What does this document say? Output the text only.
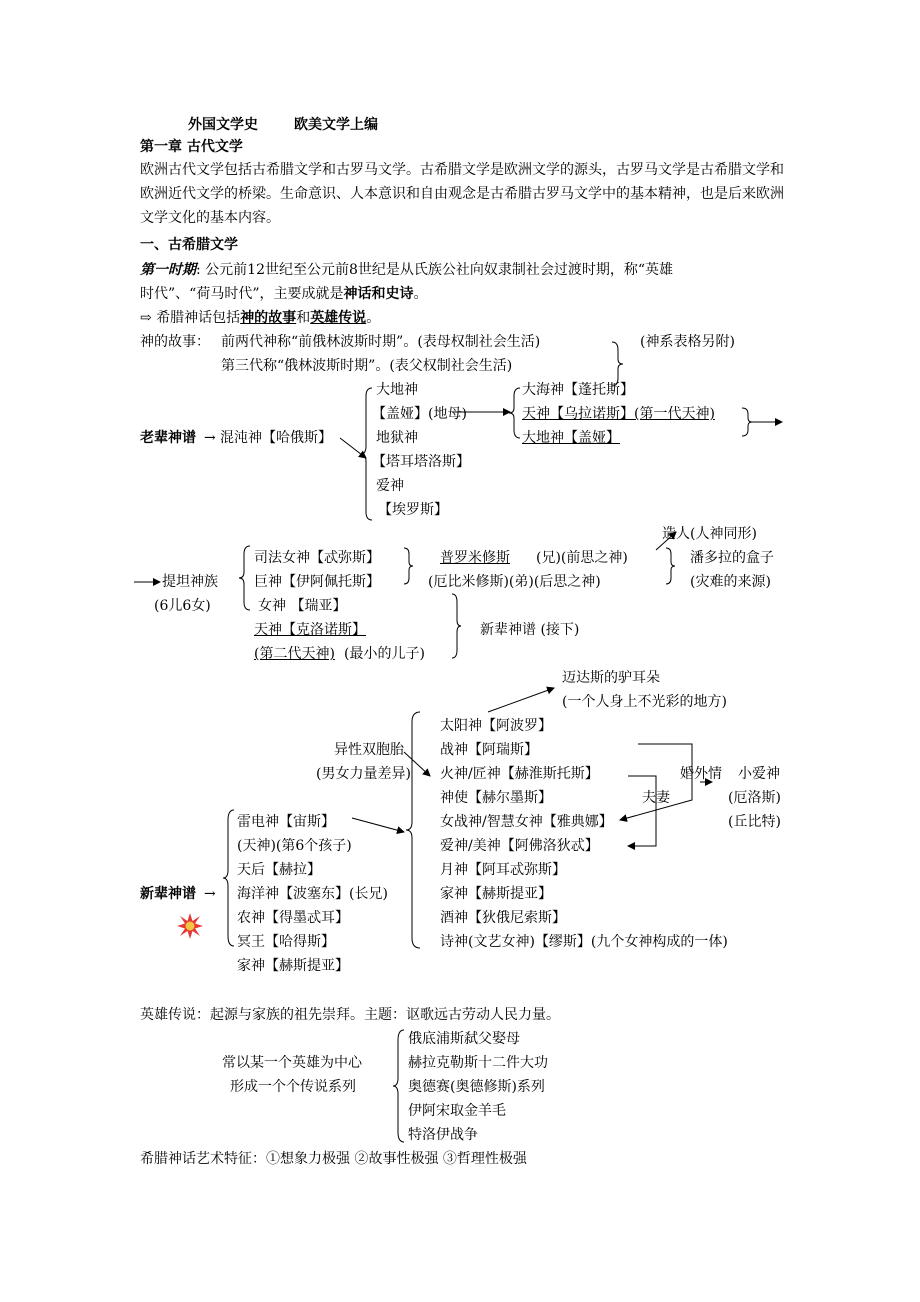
外国文学史	欧美文学上编
第一章 古代文学
欧洲古代文学包括古希腊文学和古罗马文学。古希腊文学是欧洲文学的源头，古罗马文学是古希腊文学和欧洲近代文学的桥梁。生命意识、人本意识和自由观念是古希腊古罗马文学中的基本精神，也是后来欧洲文学文化的基本内容。
一、古希腊文学
第一时期: 公元前12世纪至公元前8世纪是从氏族公社向奴隶制社会过渡时期，称“英雄
时代”、“荷马时代”，主要成就是神话和史诗。
⇨ 希腊神话包括神的故事和英雄传说。
神的故事： 前两代神称“前俄林波斯时期”。(表母权制社会生活)
第三代称“俄林波斯时期”。(表父权制社会生活)
(神系表格另附)
老辈神谱 → 混沌神【哈俄斯】
大地神
【盖娅】(地母)
地狱神
【塔耳塔洛斯】
爱神
【埃罗斯】
大海神【蓬托斯】
天神【乌拉诺斯】(第一代天神)
大地神【盖娅】
造人(人神同形)
提坦神族
(6儿6女)
司法女神【忒弥斯】
巨神【伊阿佩托斯】
女神 【瑞亚】
天神【克洛诺斯】
(第二代天神) (最小的儿子)
普罗米修斯 (兄)(前思之神)
(厄比米修斯)(弟)(后思之神)
潘多拉的盒子
(灾难的来源)
新辈神谱 (接下)
迈达斯的驴耳朵
(一个人身上不光彩的地方)
异性双胞胎
(男女力量差异)
太阳神【阿波罗】
战神【阿瑞斯】
火神/匠神【赫淮斯托斯】
神使【赫尔墨斯】
女战神/智慧女神【雅典娜】
爱神/美神【阿佛洛狄忒】
月神【阿耳忒弥斯】
家神【赫斯提亚】
酒神【狄俄尼索斯】
诗神(文艺女神)【缪斯】(九个女神构成的一体)
婚外情 小爱神
夫妻	(厄洛斯)
(丘比特)
雷电神【宙斯】
(天神)(第6个孩子)
天后【赫拉】
海洋神【波塞东】(长兄)
农神【得墨忒耳】
冥王【哈得斯】
家神【赫斯提亚】
新辈神谱 →
英雄传说：起源与家族的祖先崇拜。主题：讴歌远古劳动人民力量。
常以某一个英雄为中心
形成一个个传说系列
俄底浦斯弑父娶母
赫拉克勒斯十二件大功
奥德赛(奥德修斯)系列
伊阿宋取金羊毛
特洛伊战争
希腊神话艺术特征：①想象力极强 ②故事性极强 ③哲理性极强
